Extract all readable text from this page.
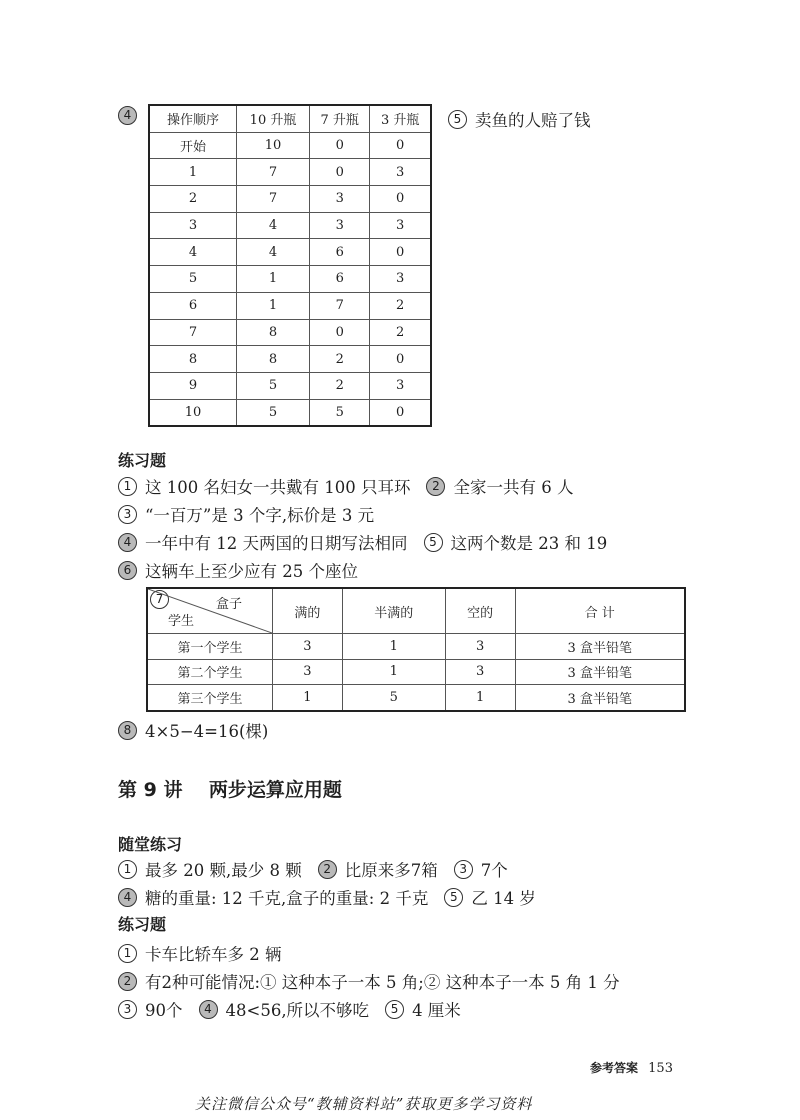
4	操作顺序	10 升瓶	7 升瓶	3 升瓶
开始	10	0	0
1	7	0	3
2	7	3	0
3	4	3	3
4	4	6	0
5	1	6	3
6	1	7	2
7	8	0	2
8	8	2	0
9	5	2	3
10	5	5	0
5 卖鱼的人赔了钱
练习题
1 这 100 名妇女一共戴有 100 只耳环 2 全家一共有 6 人
3 “一百万”是 3 个字,标价是 3 元
4 一年中有 12 天两国的日期写法相同 5 这两个数是 23 和 19
6 这辆车上至少应有 25 个座位
7	盒子
学生	满的	半满的	空的	合 计
第一个学生	3	1	3	3 盒半铅笔
第二个学生	3	1	3	3 盒半铅笔
第三个学生	1	5	1	3 盒半铅笔
8 4×5−4=16(棵)
第 9 讲    两步运算应用题
随堂练习
1 最多 20 颗,最少 8 颗 2 比原来多7箱 3 7个
4 糖的重量: 12 千克,盒子的重量: 2 千克 5 乙 14 岁
练习题
1 卡车比轿车多 2 辆
2 有2种可能情况:① 这种本子一本 5 角;② 这种本子一本 5 角 1 分
3 90个 4 48<56,所以不够吃 5 4 厘米
参考答案 153
关注微信公众号“教辅资料站”获取更多学习资料
